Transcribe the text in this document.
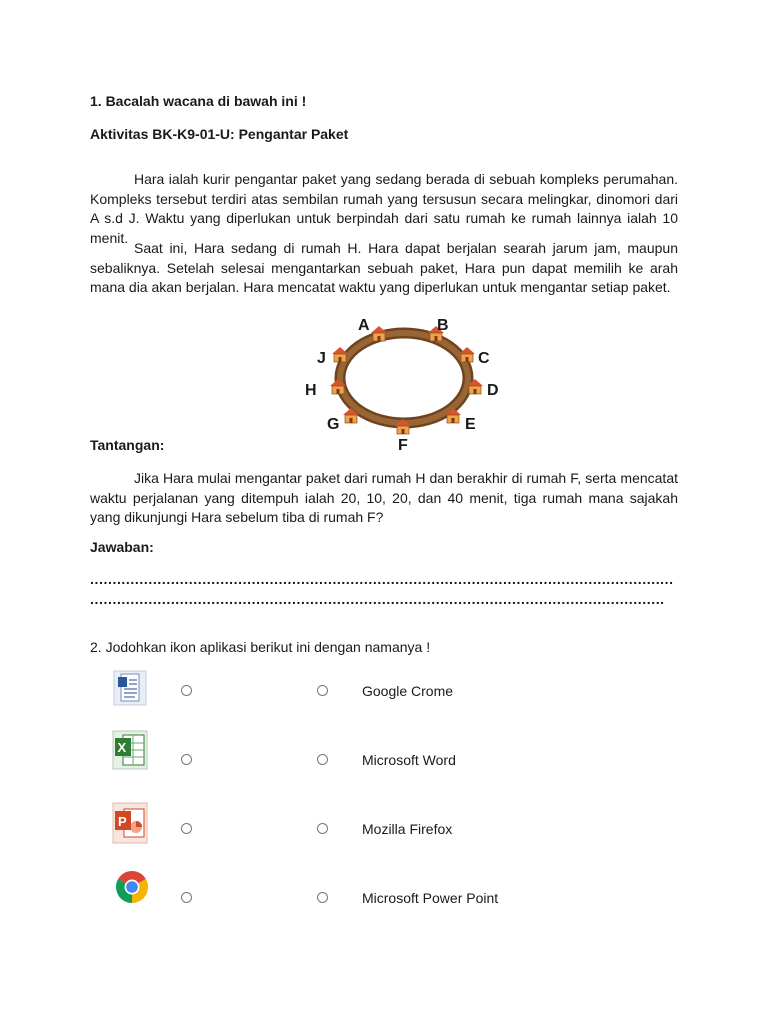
1. Bacalah wacana di bawah ini !
Aktivitas BK-K9-01-U: Pengantar Paket

Hara ialah kurir pengantar paket yang sedang berada di sebuah kompleks perumahan. Kompleks tersebut terdiri atas sembilan rumah yang tersusun secara melingkar, dinomori dari A s.d J. Waktu yang diperlukan untuk berpindah dari satu rumah ke rumah lainnya ialah 10 menit.

Saat ini, Hara sedang di rumah H. Hara dapat berjalan searah jarum jam, maupun sebaliknya. Setelah selesai mengantarkan sebuah paket, Hara pun dapat memilih ke arah mana dia akan berjalan. Hara mencatat waktu yang diperlukan untuk mengantar setiap paket.

A	B
C
D
E
F
G
H
J
Tantangan:

Jika Hara mulai mengantar paket dari rumah H dan berakhir di rumah F, serta mencatat waktu perjalanan yang ditempuh ialah 20, 10, 20, dan 40 menit, tiga rumah mana sajakah yang dikunjungi Hara sebelum tiba di rumah F?

Jawaban:
..................................................................................................................................
................................................................................................................................
2. Jodohkan ikon aplikasi berikut ini dengan namanya !
Google Crome
X
Microsoft Word
P	Mozilla Firefox
Microsoft Power Point
